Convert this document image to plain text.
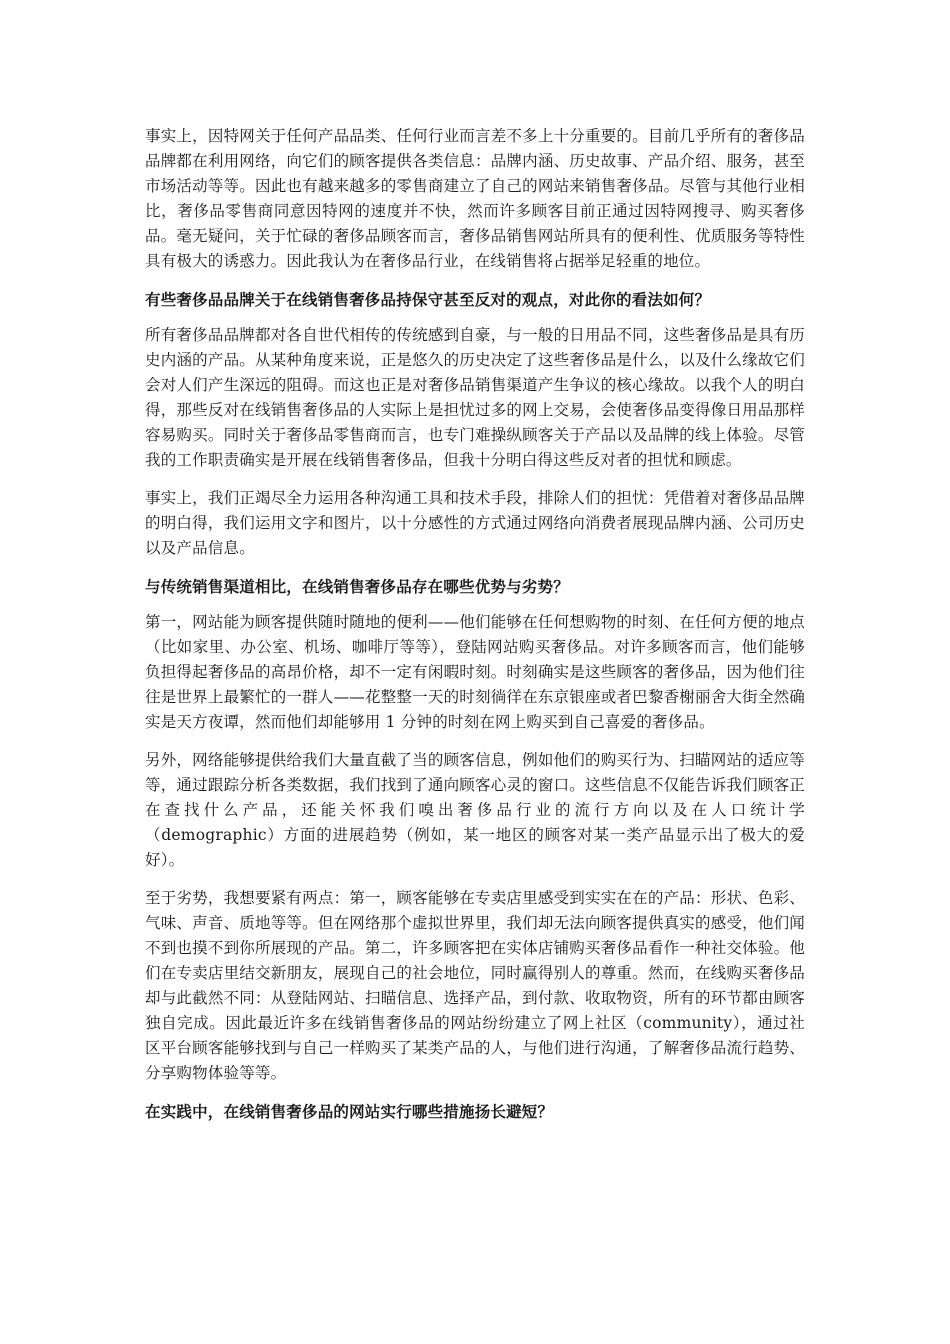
事实上，因特网关于任何产品品类、任何行业而言差不多上十分重要的。目前几乎所有的奢侈品品牌都在利用网络，向它们的顾客提供各类信息：品牌内涵、历史故事、产品介绍、服务，甚至市场活动等等。因此也有越来越多的零售商建立了自己的网站来销售奢侈品。尽管与其他行业相比，奢侈品零售商同意因特网的速度并不快，然而许多顾客目前正通过因特网搜寻、购买奢侈品。毫无疑问，关于忙碌的奢侈品顾客而言，奢侈品销售网站所具有的便利性、优质服务等特性具有极大的诱惑力。因此我认为在奢侈品行业，在线销售将占据举足轻重的地位。

有些奢侈品品牌关于在线销售奢侈品持保守甚至反对的观点，对此你的看法如何？

所有奢侈品品牌都对各自世代相传的传统感到自豪，与一般的日用品不同，这些奢侈品是具有历史内涵的产品。从某种角度来说，正是悠久的历史决定了这些奢侈品是什么，以及什么缘故它们会对人们产生深远的阻碍。而这也正是对奢侈品销售渠道产生争议的核心缘故。以我个人的明白得，那些反对在线销售奢侈品的人实际上是担忧过多的网上交易，会使奢侈品变得像日用品那样容易购买。同时关于奢侈品零售商而言，也专门难操纵顾客关于产品以及品牌的线上体验。尽管我的工作职责确实是开展在线销售奢侈品，但我十分明白得这些反对者的担忧和顾虑。

事实上，我们正竭尽全力运用各种沟通工具和技术手段，排除人们的担忧：凭借着对奢侈品品牌的明白得，我们运用文字和图片，以十分感性的方式通过网络向消费者展现品牌内涵、公司历史以及产品信息。

与传统销售渠道相比，在线销售奢侈品存在哪些优势与劣势？

第一，网站能为顾客提供随时随地的便利——他们能够在任何想购物的时刻、在任何方便的地点（比如家里、办公室、机场、咖啡厅等等），登陆网站购买奢侈品。对许多顾客而言，他们能够负担得起奢侈品的高昂价格，却不一定有闲暇时刻。时刻确实是这些顾客的奢侈品，因为他们往往是世界上最繁忙的一群人——花整整一天的时刻徜徉在东京银座或者巴黎香榭丽舍大街全然确实是天方夜谭，然而他们却能够用 1 分钟的时刻在网上购买到自己喜爱的奢侈品。

另外，网络能够提供给我们大量直截了当的顾客信息，例如他们的购买行为、扫瞄网站的适应等等，通过跟踪分析各类数据，我们找到了通向顾客心灵的窗口。这些信息不仅能告诉我们顾客正在查找什么产品，还能关怀我们嗅出奢侈品行业的流行方向以及在人口统计学（demographic）方面的进展趋势（例如，某一地区的顾客对某一类产品显示出了极大的爱好）。

至于劣势，我想要紧有两点：第一，顾客能够在专卖店里感受到实实在在的产品：形状、色彩、气味、声音、质地等等。但在网络那个虚拟世界里，我们却无法向顾客提供真实的感受，他们闻不到也摸不到你所展现的产品。第二，许多顾客把在实体店铺购买奢侈品看作一种社交体验。他们在专卖店里结交新朋友，展现自己的社会地位，同时赢得别人的尊重。然而，在线购买奢侈品却与此截然不同：从登陆网站、扫瞄信息、选择产品，到付款、收取物资，所有的环节都由顾客独自完成。因此最近许多在线销售奢侈品的网站纷纷建立了网上社区（community），通过社区平台顾客能够找到与自己一样购买了某类产品的人，与他们进行沟通，了解奢侈品流行趋势、分享购物体验等等。

在实践中，在线销售奢侈品的网站实行哪些措施扬长避短？
